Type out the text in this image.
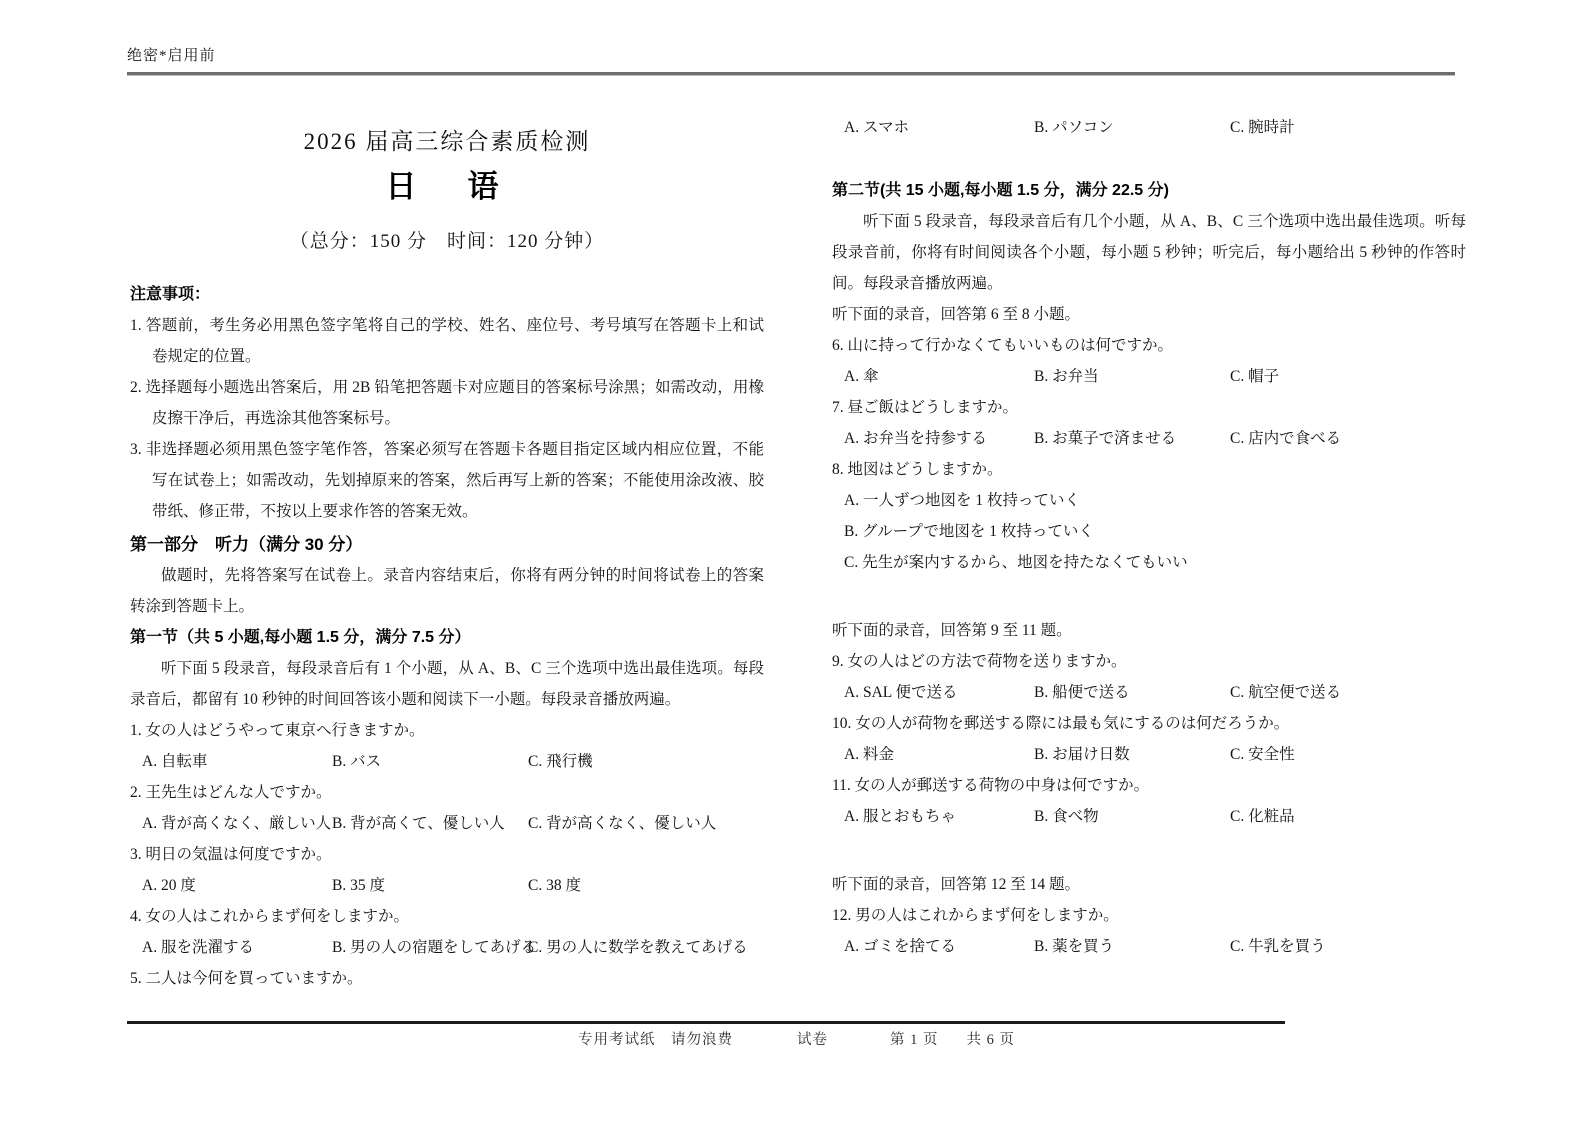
绝密*启用前
2026 届高三综合素质检测
日　语
（总分：150 分　时间：120 分钟）
注意事项：

1. 答题前，考生务必用黑色签字笔将自己的学校、姓名、座位号、考号填写在答题卡上和试卷规定的位置。

2. 选择题每小题选出答案后，用 2B 铅笔把答题卡对应题目的答案标号涂黑；如需改动，用橡皮擦干净后，再选涂其他答案标号。

3. 非选择题必须用黑色签字笔作答，答案必须写在答题卡各题目指定区域内相应位置，不能写在试卷上；如需改动，先划掉原来的答案，然后再写上新的答案；不能使用涂改液、胶带纸、修正带，不按以上要求作答的答案无效。

第一部分　听力（满分 30 分）

做题时，先将答案写在试卷上。录音内容结束后，你将有两分钟的时间将试卷上的答案转涂到答题卡上。

第一节（共 5 小题,每小题 1.5 分，满分 7.5 分）

听下面 5 段录音，每段录音后有 1 个小题，从 A、B、C 三个选项中选出最佳选项。每段录音后，都留有 10 秒钟的时间回答该小题和阅读下一小题。每段录音播放两遍。

1. 女の人はどうやって東京へ行きますか。
A. 自転車	B. バス	C. 飛行機
2. 王先生はどんな人ですか。
A. 背が高くなく、厳しい人 B. 背が高くて、優しい人	C. 背が高くなく、優しい人
3. 明日の気温は何度ですか。
A. 20 度	B. 35 度	C. 38 度
4. 女の人はこれからまず何をしますか。
A. 服を洗濯する	B. 男の人の宿題をしてあげる
C. 男の人に数学を教えてあげる
5. 二人は今何を買っていますか。
A. スマホ	B. パソコン	C. 腕時計
第二节(共 15 小题,每小题 1.5 分，满分 22.5 分)

听下面 5 段录音，每段录音后有几个小题，从 A、B、C 三个选项中选出最佳选项。听每段录音前，你将有时间阅读各个小题，每小题 5 秒钟；听完后，每小题给出 5 秒钟的作答时间。每段录音播放两遍。

听下面的录音，回答第 6 至 8 小题。
6. 山に持って行かなくてもいいものは何ですか。
A. 傘	B. お弁当	C. 帽子
7. 昼ご飯はどうしますか。
A. お弁当を持参する	B. お菓子で済ませる	C. 店内で食べる
8. 地図はどうしますか。
A. 一人ずつ地図を 1 枚持っていく
B. グループで地図を 1 枚持っていく
C. 先生が案内するから、地図を持たなくてもいい
听下面的录音，回答第 9 至 11 题。
9. 女の人はどの方法で荷物を送りますか。
A. SAL 便で送る	B. 船便で送る	C. 航空便で送る
10. 女の人が荷物を郵送する際には最も気にするのは何だろうか。
A. 料金	B. お届け日数	C. 安全性
11. 女の人が郵送する荷物の中身は何ですか。
A. 服とおもちゃ	B. 食べ物	C. 化粧品
听下面的录音，回答第 12 至 14 题。
12. 男の人はこれからまず何をしますか。
A. ゴミを捨てる	B. 薬を買う	C. 牛乳を買う
专用考试纸　请勿浪费	试卷	第 1 页 共 6 页
